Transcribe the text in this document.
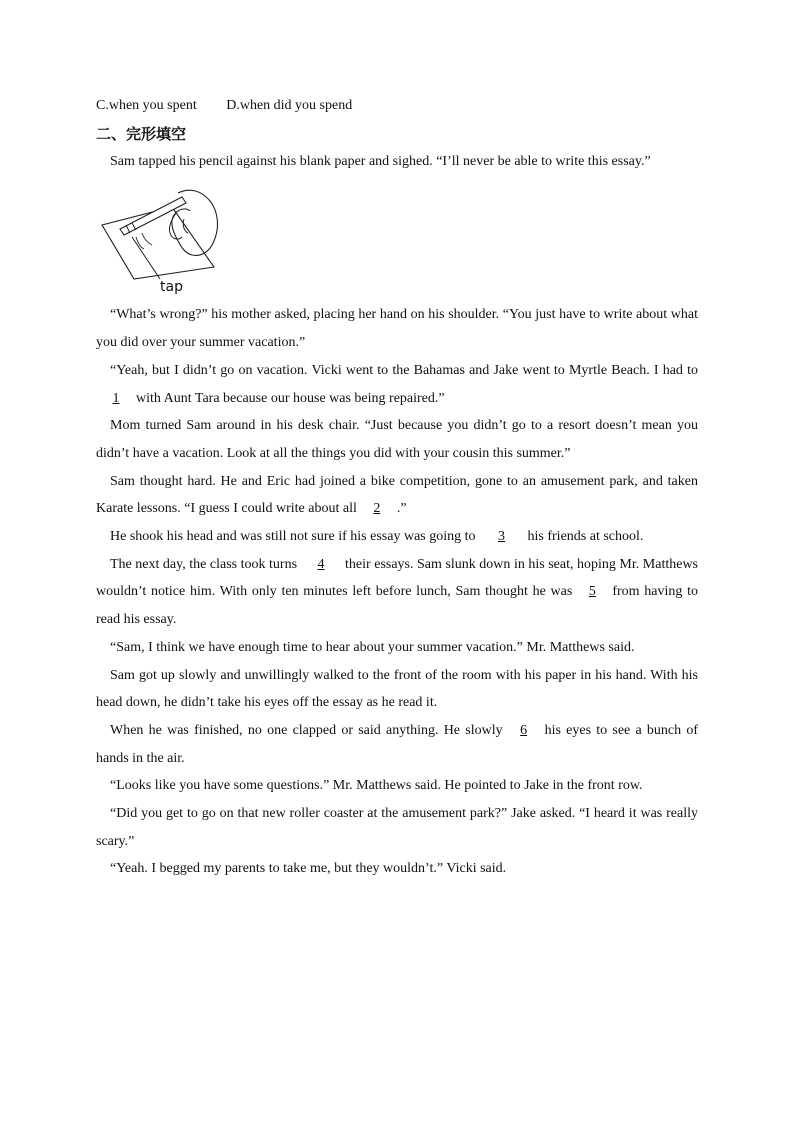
C.when you spent D.when did you spend
二、完形填空

Sam tapped his pencil against his blank paper and sighed. “I’ll never be able to write this essay.”

tap

“What’s wrong?” his mother asked, placing her hand on his shoulder. “You just have to write about what you did over your summer vacation.”

“Yeah, but I didn’t go on vacation. Vicki went to the Bahamas and Jake went to Myrtle Beach. I had to1 with Aunt Tara because our house was being repaired.”

Mom turned Sam around in his desk chair. “Just because you didn’t go to a resort doesn’t mean you didn’t have a vacation. Look at all the things you did with your cousin this summer.”

Sam thought hard. He and Eric had joined a bike competition, gone to an amusement park, and taken Karate lessons. “I guess I could write about all 2 .”

He shook his head and was still not sure if his essay was going to 3 his friends at school.

The next day, the class took turns 4 their essays. Sam slunk down in his seat, hoping Mr. Matthews wouldn’t notice him. With only ten minutes left before lunch, Sam thought he was 5 from having to read his essay.

“Sam, I think we have enough time to hear about your summer vacation.” Mr. Matthews said.

Sam got up slowly and unwillingly walked to the front of the room with his paper in his hand. With his head down, he didn’t take his eyes off the essay as he read it.

When he was finished, no one clapped or said anything. He slowly 6 his eyes to see a bunch of hands in the air.

“Looks like you have some questions.” Mr. Matthews said. He pointed to Jake in the front row.

“Did you get to go on that new roller coaster at the amusement park?” Jake asked. “I heard it was really scary.”

“Yeah. I begged my parents to take me, but they wouldn’t.” Vicki said.
